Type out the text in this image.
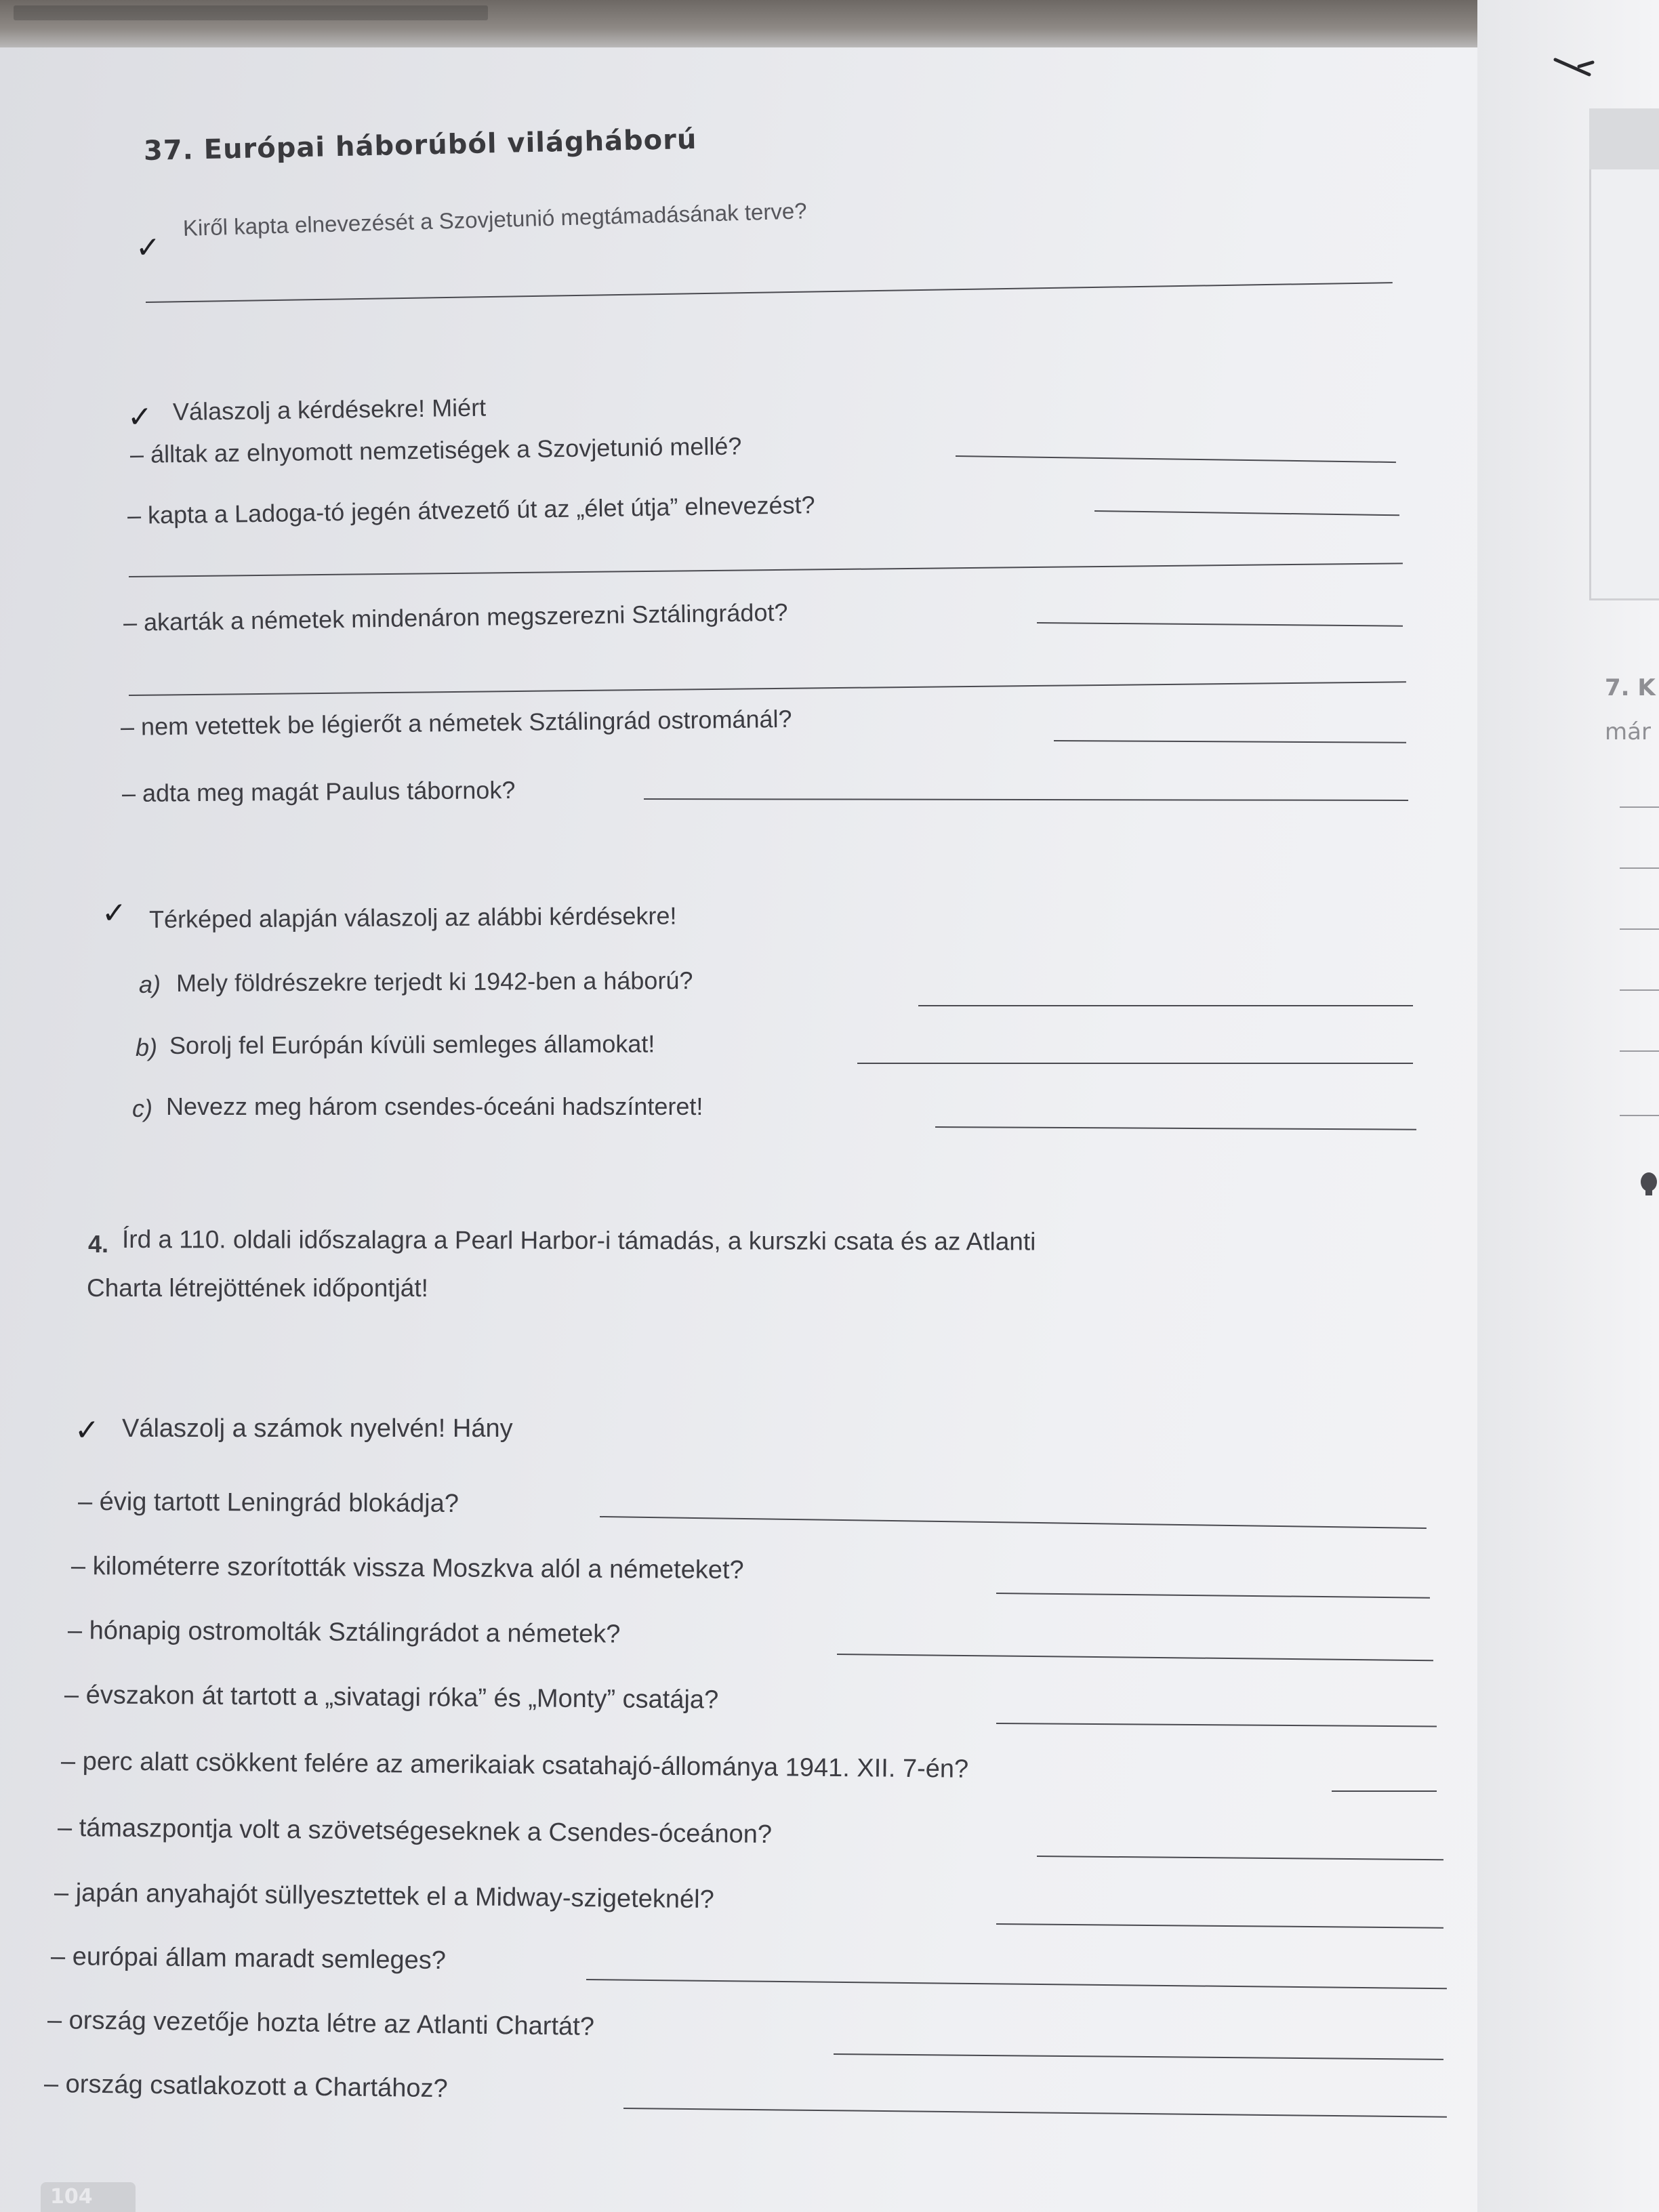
7. K
már
37. Európai háborúból világháború
✓
Kiről kapta elnevezését a Szovjetunió megtámadásának terve?
✓ Válaszolj a kérdésekre! Miért
– álltak az elnyomott nemzetiségek a Szovjetunió mellé?
– kapta a Ladoga-tó jegén átvezető út az „élet útja” elnevezést?
– akarták a németek mindenáron megszerezni Sztálingrádot?
– nem vetettek be légierőt a németek Sztálingrád ostrománál?
– adta meg magát Paulus tábornok?
✓ Térképed alapján válaszolj az alábbi kérdésekre!
a) Mely földrészekre terjedt ki 1942-ben a háború?
b) Sorolj fel Európán kívüli semleges államokat!
c) Nevezz meg három csendes-óceáni hadszínteret!
4. Írd a 110. oldali időszalagra a Pearl Harbor-i támadás, a kurszki csata és az Atlanti
Charta létrejöttének időpontját!
✓ Válaszolj a számok nyelvén! Hány
– évig tartott Leningrád blokádja?
– kilométerre szorították vissza Moszkva alól a németeket?
– hónapig ostromolták Sztálingrádot a németek?
– évszakon át tartott a „sivatagi róka” és „Monty” csatája?
– perc alatt csökkent felére az amerikaiak csatahajó-állománya 1941. XII. 7-én?
– támaszpontja volt a szövetségeseknek a Csendes-óceánon?
– japán anyahajót süllyesztettek el a Midway-szigeteknél?
– európai állam maradt semleges?
– ország vezetője hozta létre az Atlanti Chartát?
– ország csatlakozott a Chartához?
104
